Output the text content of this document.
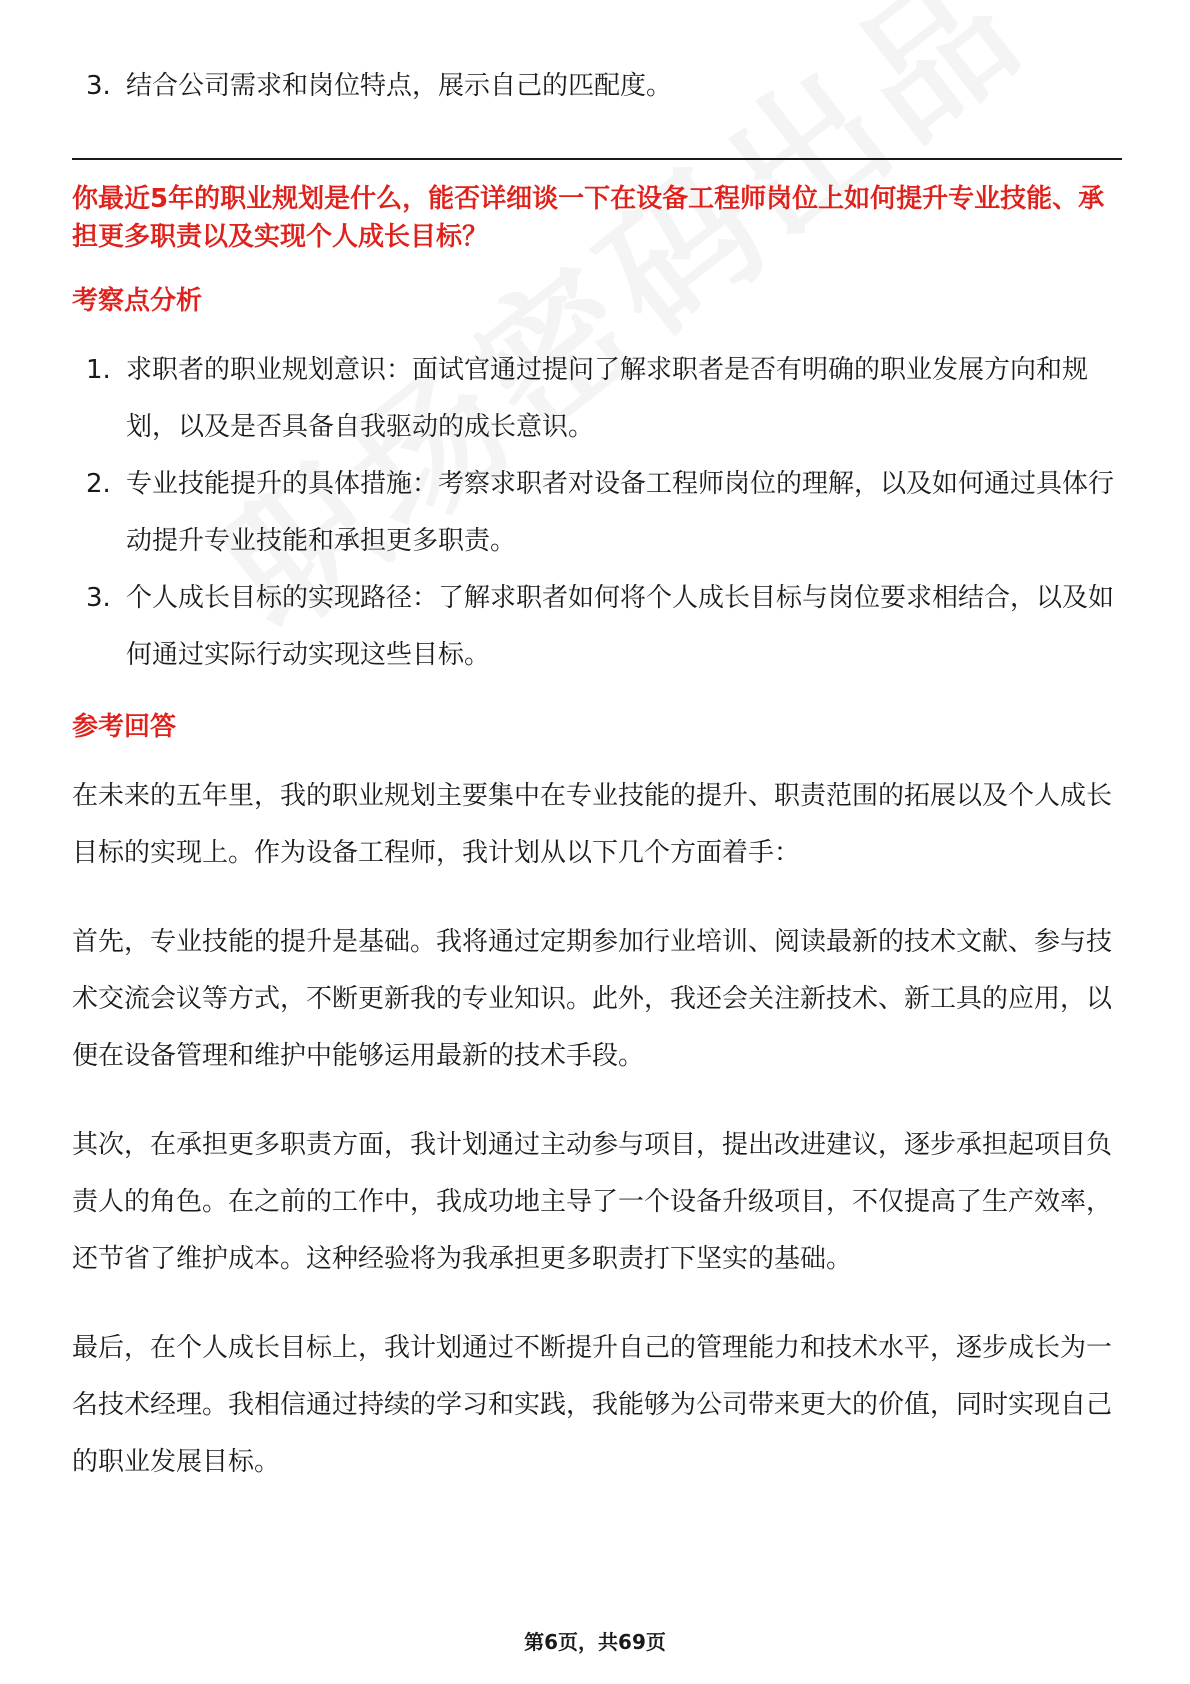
3. 结合公司需求和岗位特点，展示自己的匹配度。
你最近5年的职业规划是什么，能否详细谈一下在设备工程师岗位上如何提升专业技能、承担更多职责以及实现个人成长目标？
考察点分析
1. 求职者的职业规划意识：面试官通过提问了解求职者是否有明确的职业发展方向和规划，以及是否具备自我驱动的成长意识。
2. 专业技能提升的具体措施：考察求职者对设备工程师岗位的理解，以及如何通过具体行动提升专业技能和承担更多职责。
3. 个人成长目标的实现路径：了解求职者如何将个人成长目标与岗位要求相结合，以及如何通过实际行动实现这些目标。
参考回答
在未来的五年里，我的职业规划主要集中在专业技能的提升、职责范围的拓展以及个人成长目标的实现上。作为设备工程师，我计划从以下几个方面着手：
首先，专业技能的提升是基础。我将通过定期参加行业培训、阅读最新的技术文献、参与技术交流会议等方式，不断更新我的专业知识。此外，我还会关注新技术、新工具的应用，以便在设备管理和维护中能够运用最新的技术手段。
其次，在承担更多职责方面，我计划通过主动参与项目，提出改进建议，逐步承担起项目负责人的角色。在之前的工作中，我成功地主导了一个设备升级项目，不仅提高了生产效率，还节省了维护成本。这种经验将为我承担更多职责打下坚实的基础。
最后，在个人成长目标上，我计划通过不断提升自己的管理能力和技术水平，逐步成长为一名技术经理。我相信通过持续的学习和实践，我能够为公司带来更大的价值，同时实现自己的职业发展目标。
第6页，共69页
